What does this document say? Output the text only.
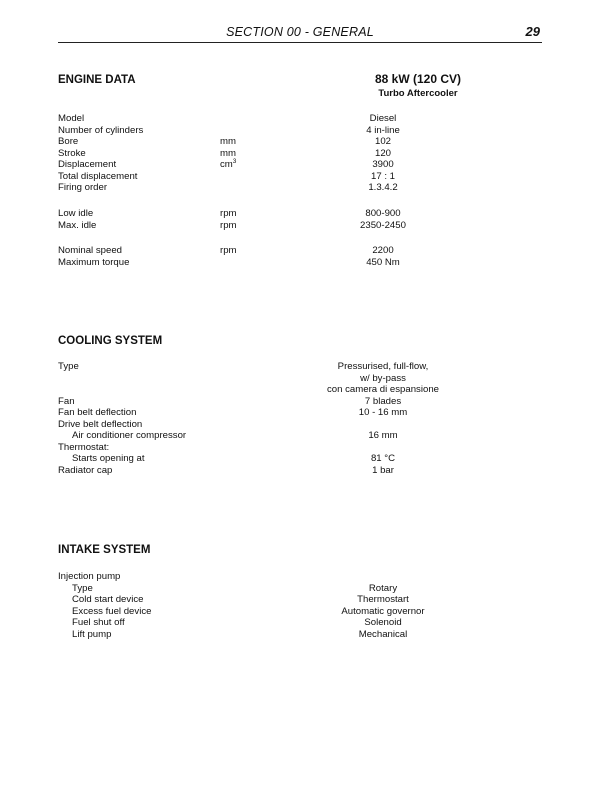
SECTION 00 - GENERAL	29
ENGINE DATA	88 kW (120 CV)
Turbo Aftercooler
Model	Diesel
Number of cylinders	4 in-line
Bore	mm	102
Stroke	mm	120
Displacement	$cm^3$	3900
Total displacement	17 : 1
Firing order	1.3.4.2
Low idle	rpm	800-900
Max. idle	rpm	2350-2450
Nominal speed	rpm	2200
Maximum torque	450 Nm
COOLING SYSTEM
Type	Pressurised, full-flow,
w/ by-pass
con camera di espansione
Fan	7 blades
Fan belt deflection	10 - 16 mm
Drive belt deflection
Air conditioner compressor	16 mm
Thermostat:
Starts opening at	81 °C
Radiator cap	1 bar
INTAKE SYSTEM
Injection pump
Type	Rotary
Cold start device	Thermostart
Excess fuel device	Automatic governor
Fuel shut off	Solenoid
Lift pump	Mechanical
